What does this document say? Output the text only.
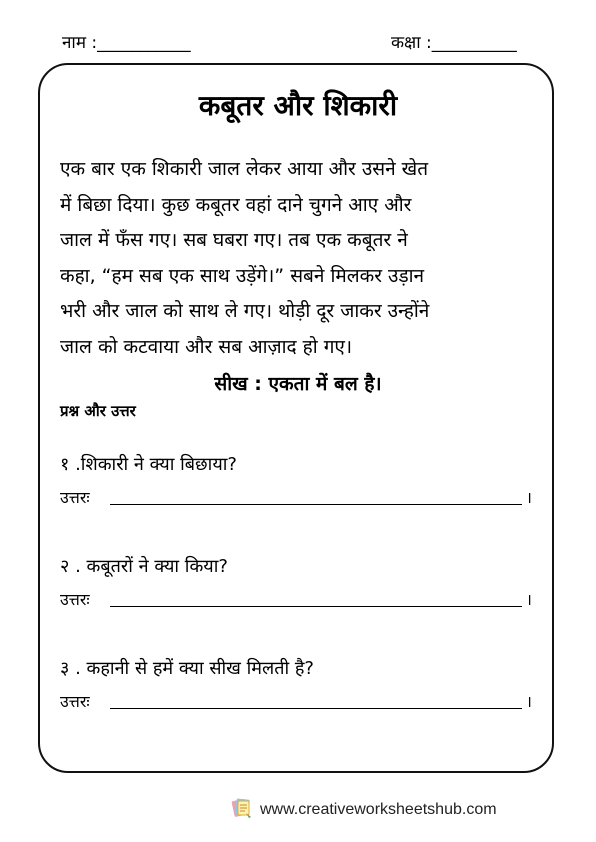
नाम :___________	कक्षा :__________
कबूतर और शिकारी
एक बार एक शिकारी जाल लेकर आया और उसने खेत
में बिछा दिया। कुछ कबूतर वहां दाने चुगने आए और
जाल में फँस गए। सब घबरा गए। तब एक कबूतर ने
कहा, “हम सब एक साथ उड़ेंगे।” सबने मिलकर उड़ान
भरी और जाल को साथ ले गए। थोड़ी दूर जाकर उन्होंने
जाल को कटवाया और सब आज़ाद हो गए।
सीख : एकता में बल है।
प्रश्न और उत्तर
१ .शिकारी ने क्या बिछाया?
उत्तरः	।
२ . कबूतरों ने क्या किया?
उत्तरः	।
३ . कहानी से हमें क्या सीख मिलती है?
उत्तरः	।
www.creativeworksheetshub.com
